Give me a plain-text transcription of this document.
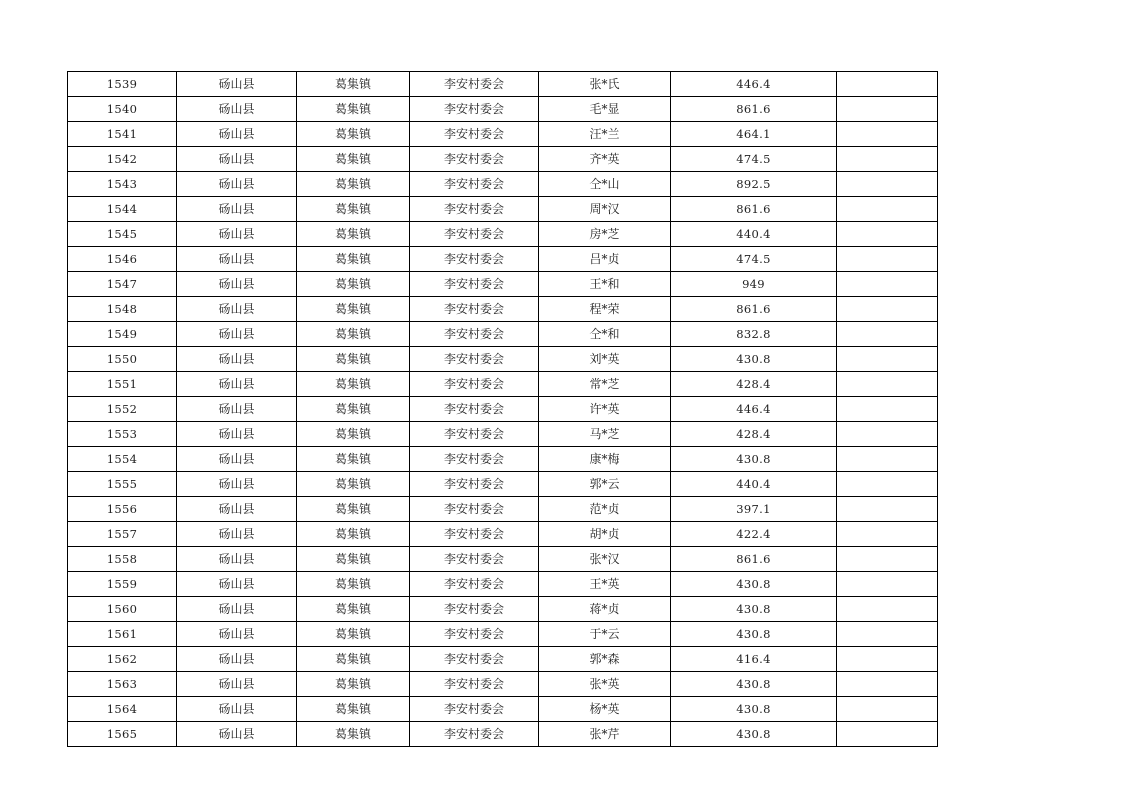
1539	砀山县	葛集镇	李安村委会	张*氏	446.4	
1540	砀山县	葛集镇	李安村委会	毛*显	861.6	
1541	砀山县	葛集镇	李安村委会	汪*兰	464.1	
1542	砀山县	葛集镇	李安村委会	齐*英	474.5	
1543	砀山县	葛集镇	李安村委会	仝*山	892.5	
1544	砀山县	葛集镇	李安村委会	周*汉	861.6	
1545	砀山县	葛集镇	李安村委会	房*芝	440.4	
1546	砀山县	葛集镇	李安村委会	吕*贞	474.5	
1547	砀山县	葛集镇	李安村委会	王*和	949	
1548	砀山县	葛集镇	李安村委会	程*荣	861.6	
1549	砀山县	葛集镇	李安村委会	仝*和	832.8	
1550	砀山县	葛集镇	李安村委会	刘*英	430.8	
1551	砀山县	葛集镇	李安村委会	常*芝	428.4	
1552	砀山县	葛集镇	李安村委会	许*英	446.4	
1553	砀山县	葛集镇	李安村委会	马*芝	428.4	
1554	砀山县	葛集镇	李安村委会	康*梅	430.8	
1555	砀山县	葛集镇	李安村委会	郭*云	440.4	
1556	砀山县	葛集镇	李安村委会	范*贞	397.1	
1557	砀山县	葛集镇	李安村委会	胡*贞	422.4	
1558	砀山县	葛集镇	李安村委会	张*汉	861.6	
1559	砀山县	葛集镇	李安村委会	王*英	430.8	
1560	砀山县	葛集镇	李安村委会	蒋*贞	430.8	
1561	砀山县	葛集镇	李安村委会	于*云	430.8	
1562	砀山县	葛集镇	李安村委会	郭*森	416.4	
1563	砀山县	葛集镇	李安村委会	张*英	430.8	
1564	砀山县	葛集镇	李安村委会	杨*英	430.8	
1565	砀山县	葛集镇	李安村委会	张*芹	430.8	
